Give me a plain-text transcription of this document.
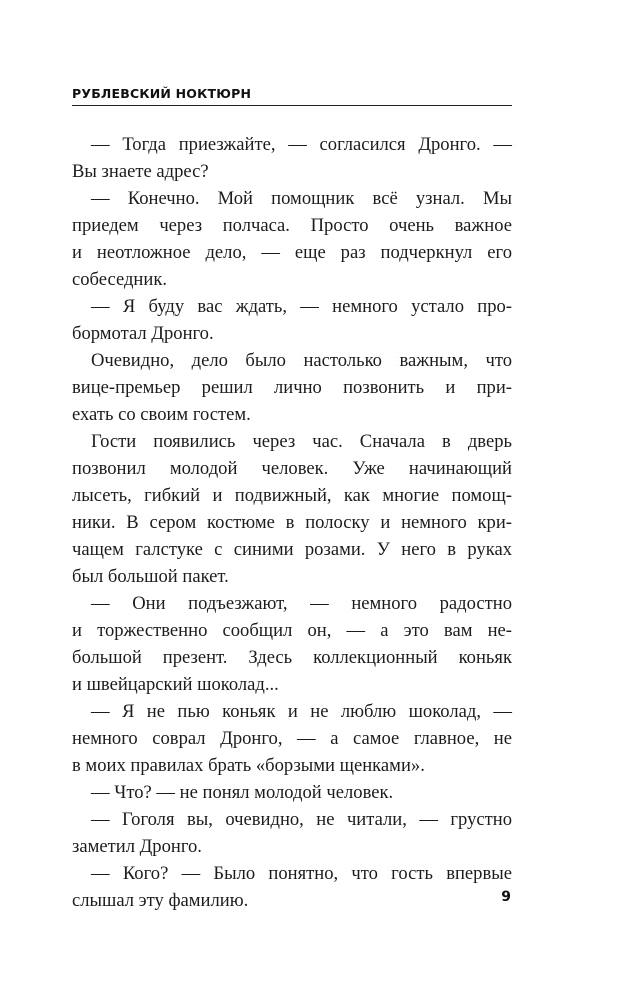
РУБЛЕВСКИЙ НОКТЮРН
— Тогда приезжайте, — согласился Дронго. —
Вы знаете адрес?
— Конечно. Мой помощник всё узнал. Мы
приедем через полчаса. Просто очень важное
и неотложное дело, — еще раз подчеркнул его
собеседник.
— Я буду вас ждать, — немного устало про-
бормотал Дронго.
Очевидно, дело было настолько важным, что
вице-премьер решил лично позвонить и при-
ехать со своим гостем.
Гости появились через час. Сначала в дверь
позвонил молодой человек. Уже начинающий
лысеть, гибкий и подвижный, как многие помощ-
ники. В сером костюме в полоску и немного кри-
чащем галстуке с синими розами. У него в руках
был большой пакет.
— Они подъезжают, — немного радостно
и торжественно сообщил он, — а это вам не-
большой презент. Здесь коллекционный коньяк
и швейцарский шоколад...
— Я не пью коньяк и не люблю шоколад, —
немного соврал Дронго, — а самое главное, не
в моих правилах брать «борзыми щенками».
— Что? — не понял молодой человек.
— Гоголя вы, очевидно, не читали, — грустно
заметил Дронго.
— Кого? — Было понятно, что гость впервые
слышал эту фамилию.	9
